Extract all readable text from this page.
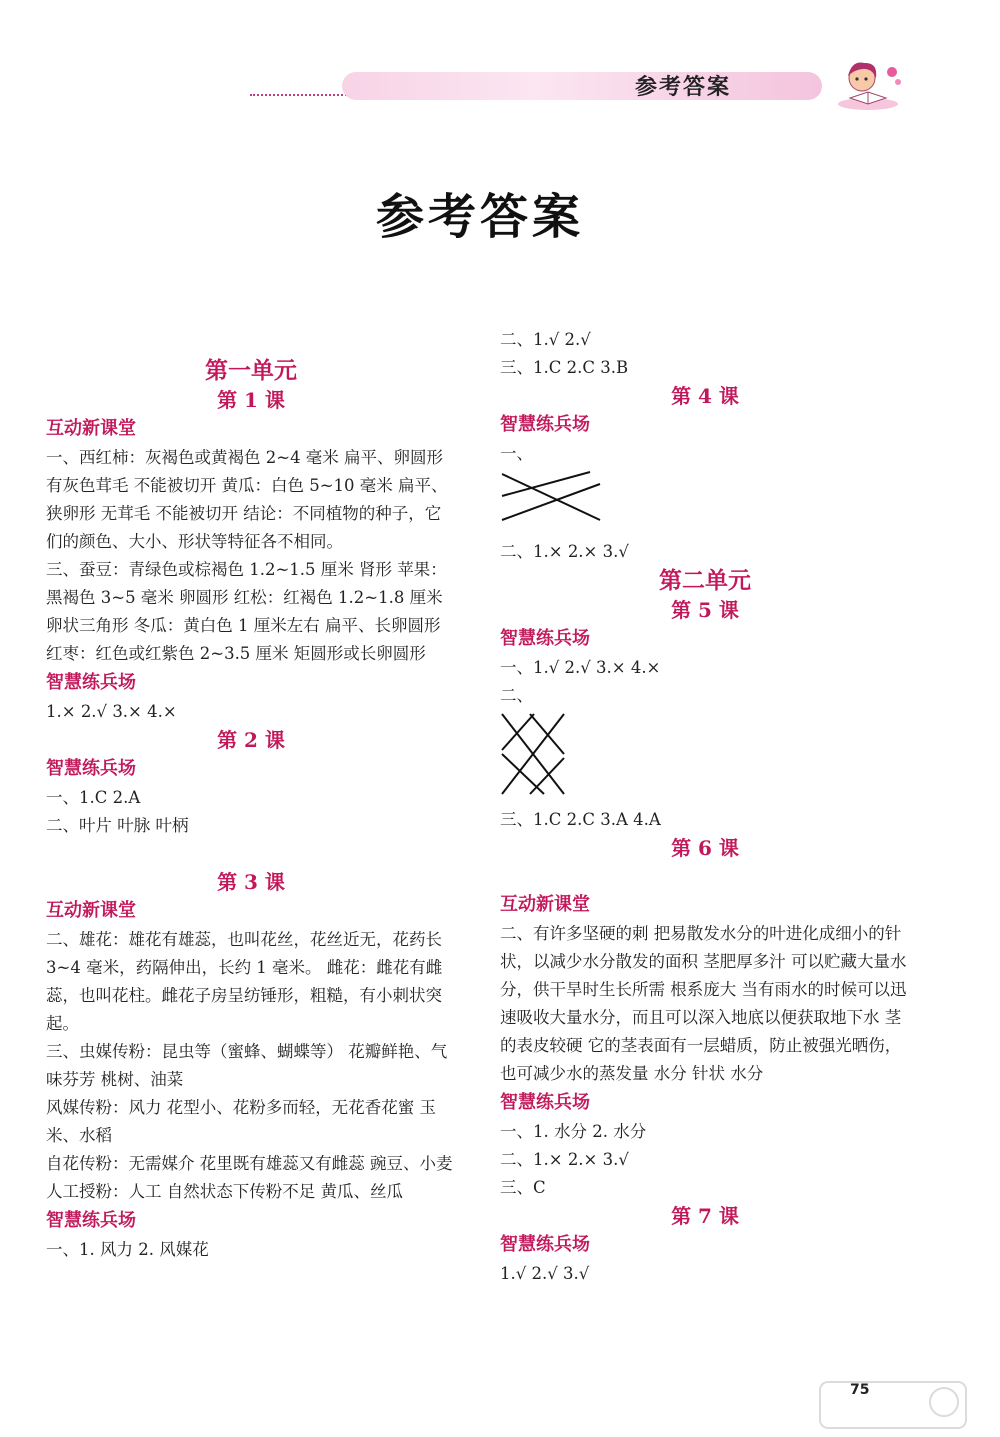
参考答案
参考答案
第一单元
第 1 课
互动新课堂
一、西红柿：灰褐色或黄褐色 2~4 毫米 扁平、卵圆形 有灰色茸毛 不能被切开 黄瓜：白色 5~10 毫米 扁平、狭卵形 无茸毛 不能被切开 结论：不同植物的种子，它们的颜色、大小、形状等特征各不相同。
三、蚕豆：青绿色或棕褐色 1.2~1.5 厘米 肾形 苹果：黑褐色 3~5 毫米 卵圆形 红松：红褐色 1.2~1.8 厘米 卵状三角形 冬瓜：黄白色 1 厘米左右 扁平、长卵圆形 红枣：红色或红紫色 2~3.5 厘米 矩圆形或长卵圆形
智慧练兵场
1.× 2.√ 3.× 4.×
第 2 课
智慧练兵场
一、1.C 2.A
二、叶片 叶脉 叶柄
第 3 课
互动新课堂
二、雄花：雄花有雄蕊，也叫花丝，花丝近无，花药长 3~4 毫米，药隔伸出，长约 1 毫米。 雌花：雌花有雌蕊，也叫花柱。雌花子房呈纺锤形，粗糙，有小刺状突起。
三、虫媒传粉：昆虫等（蜜蜂、蝴蝶等） 花瓣鲜艳、气味芬芳 桃树、油菜
风媒传粉：风力 花型小、花粉多而轻，无花香花蜜 玉米、水稻
自花传粉：无需媒介 花里既有雄蕊又有雌蕊 豌豆、小麦
人工授粉：人工 自然状态下传粉不足 黄瓜、丝瓜
智慧练兵场
一、1. 风力 2. 风媒花
二、1.√ 2.√
三、1.C 2.C 3.B
第 4 课
智慧练兵场
一、
二、1.× 2.× 3.√
第二单元
第 5 课
智慧练兵场
一、1.√ 2.√ 3.× 4.×
二、
三、1.C 2.C 3.A 4.A
第 6 课
互动新课堂
二、有许多坚硬的刺 把易散发水分的叶进化成细小的针状，以减少水分散发的面积 茎肥厚多汁 可以贮藏大量水分，供干旱时生长所需 根系庞大 当有雨水的时候可以迅速吸收大量水分，而且可以深入地底以便获取地下水 茎的表皮较硬 它的茎表面有一层蜡质，防止被强光晒伤，也可减少水的蒸发量 水分 针状 水分
智慧练兵场
一、1. 水分 2. 水分
二、1.× 2.× 3.√
三、C
第 7 课
智慧练兵场
1.√ 2.√ 3.√
75
